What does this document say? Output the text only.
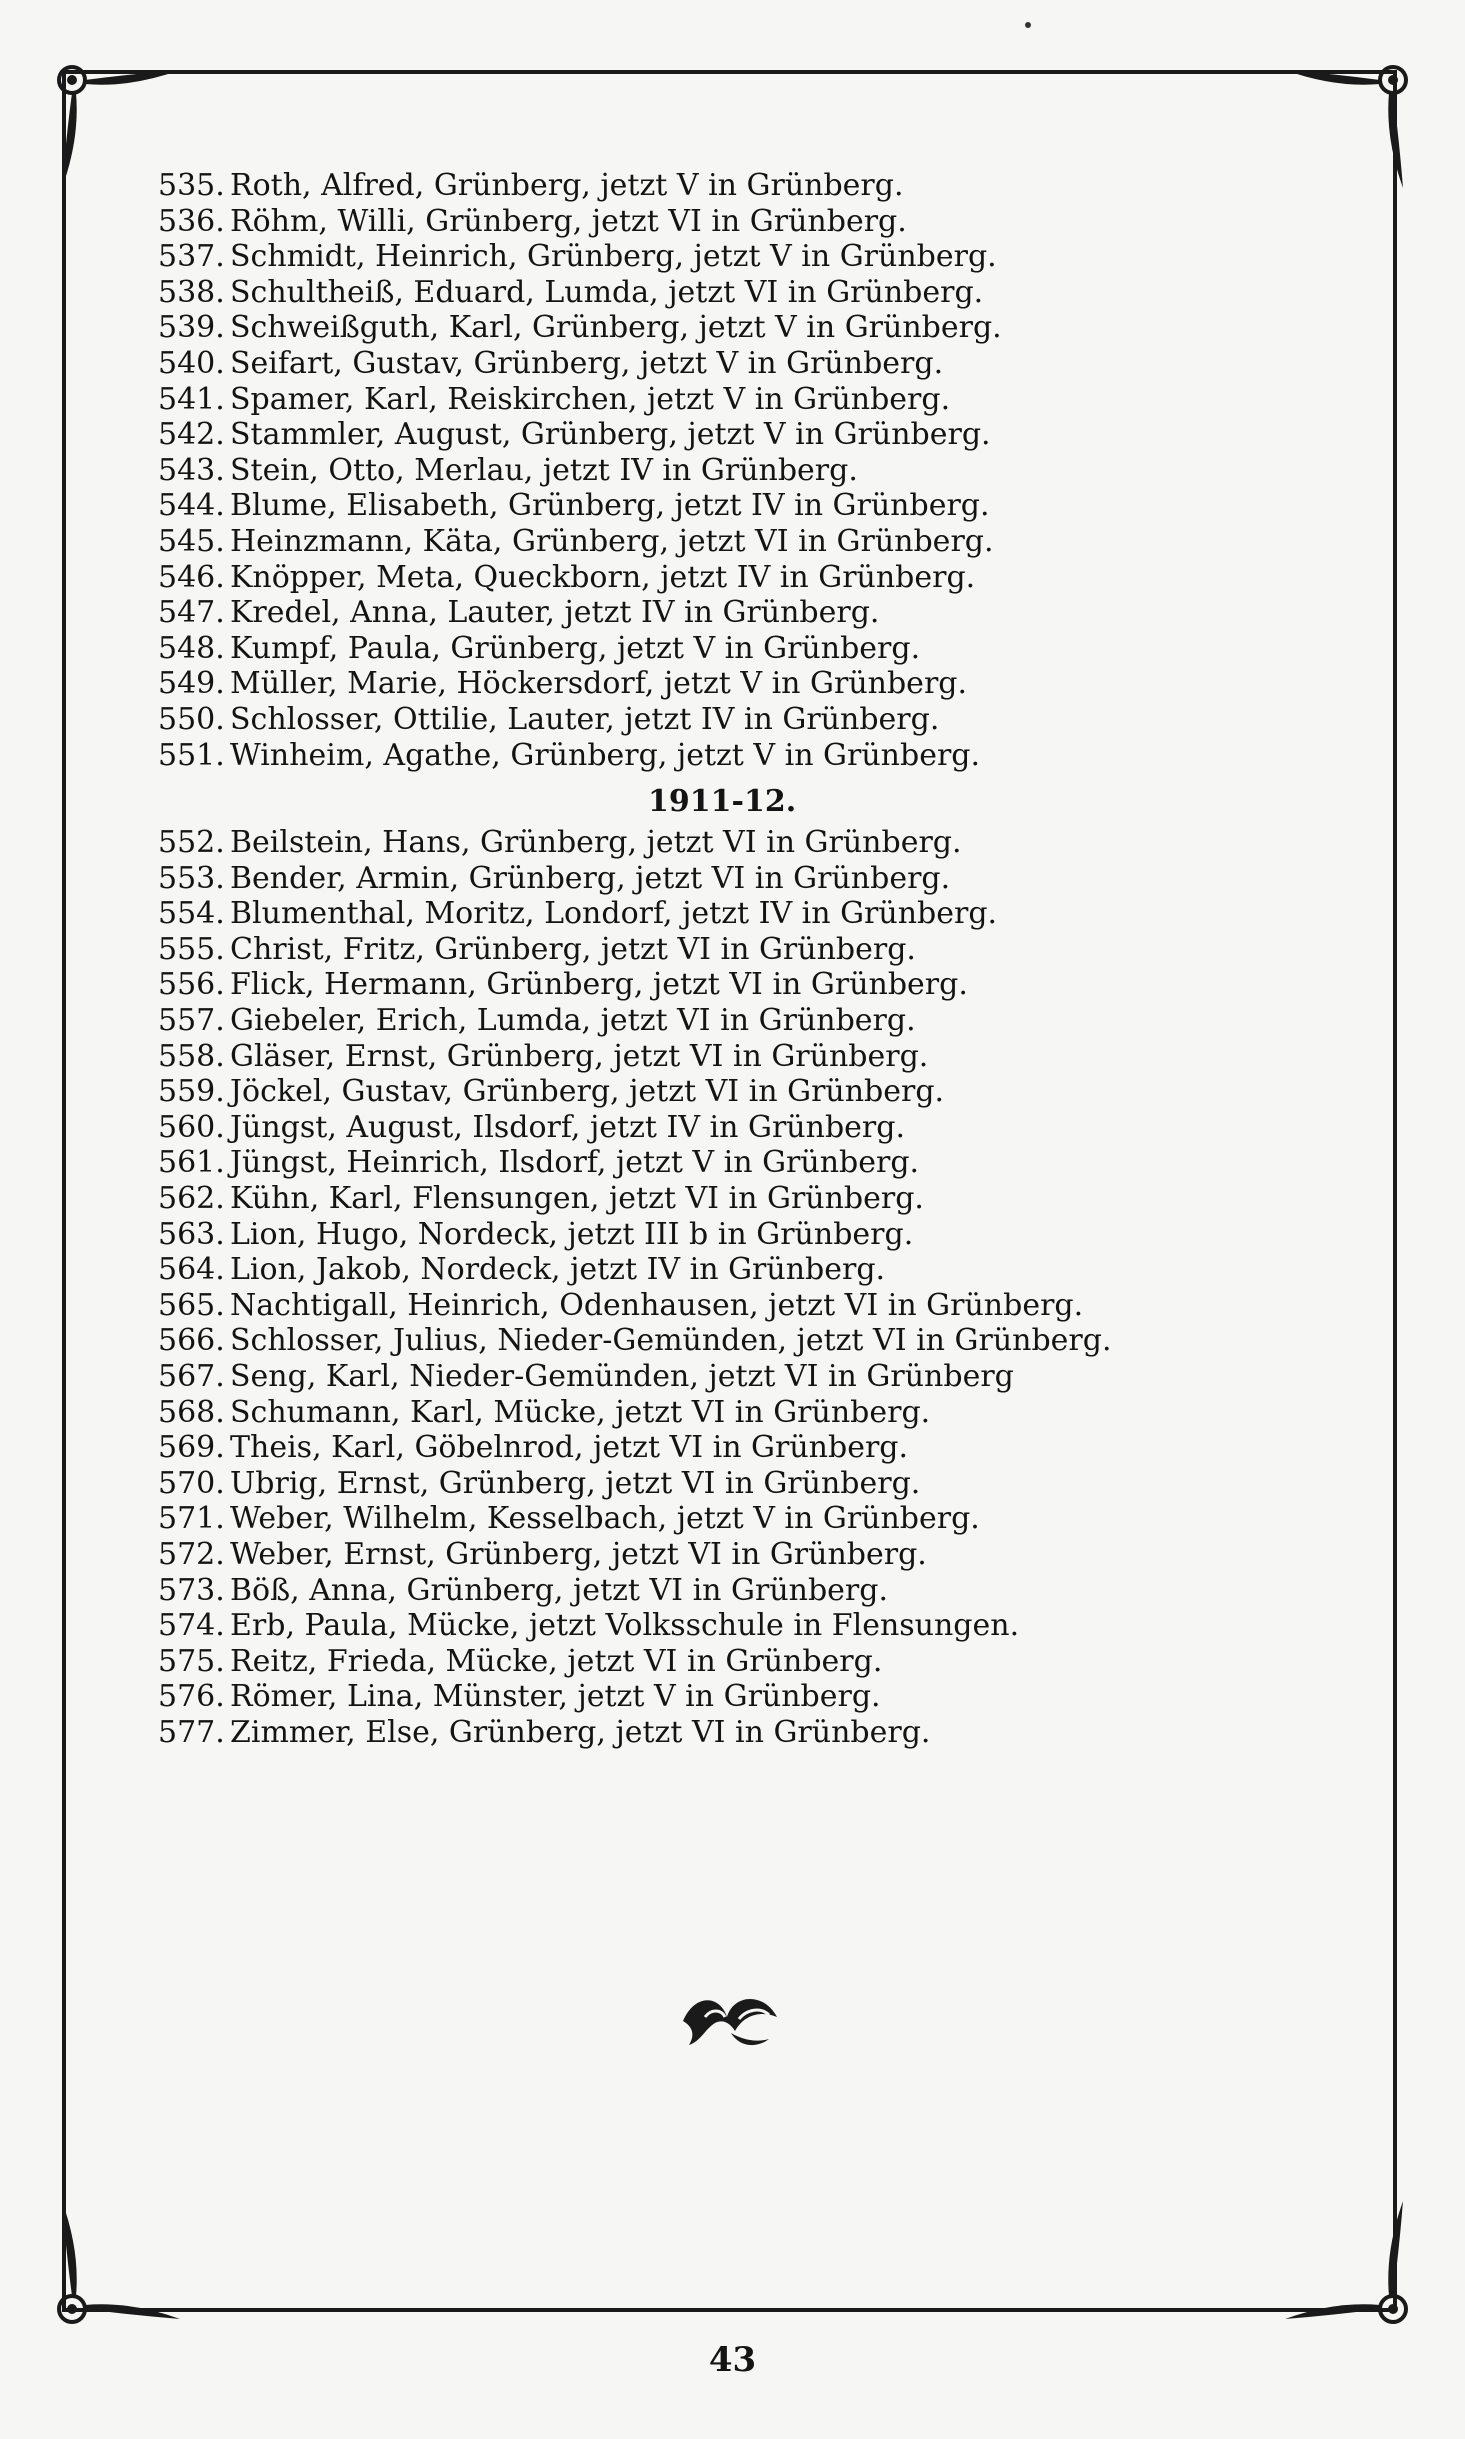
535. Roth, Alfred, Grünberg, jetzt V in Grünberg.
536. Röhm, Willi, Grünberg, jetzt VI in Grünberg.
537. Schmidt, Heinrich, Grünberg, jetzt V in Grünberg.
538. Schultheiß, Eduard, Lumda, jetzt VI in Grünberg.
539. Schweißguth, Karl, Grünberg, jetzt V in Grünberg.
540. Seifart, Gustav, Grünberg, jetzt V in Grünberg.
541. Spamer, Karl, Reiskirchen, jetzt V in Grünberg.
542. Stammler, August, Grünberg, jetzt V in Grünberg.
543. Stein, Otto, Merlau, jetzt IV in Grünberg.
544. Blume, Elisabeth, Grünberg, jetzt IV in Grünberg.
545. Heinzmann, Käta, Grünberg, jetzt VI in Grünberg.
546. Knöpper, Meta, Queckborn, jetzt IV in Grünberg.
547. Kredel, Anna, Lauter, jetzt IV in Grünberg.
548. Kumpf, Paula, Grünberg, jetzt V in Grünberg.
549. Müller, Marie, Höckersdorf, jetzt V in Grünberg.
550. Schlosser, Ottilie, Lauter, jetzt IV in Grünberg.
551. Winheim, Agathe, Grünberg, jetzt V in Grünberg.
1911-12.
552. Beilstein, Hans, Grünberg, jetzt VI in Grünberg.
553. Bender, Armin, Grünberg, jetzt VI in Grünberg.
554. Blumenthal, Moritz, Londorf, jetzt IV in Grünberg.
555. Christ, Fritz, Grünberg, jetzt VI in Grünberg.
556. Flick, Hermann, Grünberg, jetzt VI in Grünberg.
557. Giebeler, Erich, Lumda, jetzt VI in Grünberg.
558. Gläser, Ernst, Grünberg, jetzt VI in Grünberg.
559. Jöckel, Gustav, Grünberg, jetzt VI in Grünberg.
560. Jüngst, August, Ilsdorf, jetzt IV in Grünberg.
561. Jüngst, Heinrich, Ilsdorf, jetzt V in Grünberg.
562. Kühn, Karl, Flensungen, jetzt VI in Grünberg.
563. Lion, Hugo, Nordeck, jetzt III b in Grünberg.
564. Lion, Jakob, Nordeck, jetzt IV in Grünberg.
565. Nachtigall, Heinrich, Odenhausen, jetzt VI in Grünberg.
566. Schlosser, Julius, Nieder-Gemünden, jetzt VI in Grünberg.
567. Seng, Karl, Nieder-Gemünden, jetzt VI in Grünberg
568. Schumann, Karl, Mücke, jetzt VI in Grünberg.
569. Theis, Karl, Göbelnrod, jetzt VI in Grünberg.
570. Ubrig, Ernst, Grünberg, jetzt VI in Grünberg.
571. Weber, Wilhelm, Kesselbach, jetzt V in Grünberg.
572. Weber, Ernst, Grünberg, jetzt VI in Grünberg.
573. Böß, Anna, Grünberg, jetzt VI in Grünberg.
574. Erb, Paula, Mücke, jetzt Volksschule in Flensungen.
575. Reitz, Frieda, Mücke, jetzt VI in Grünberg.
576. Römer, Lina, Münster, jetzt V in Grünberg.
577. Zimmer, Else, Grünberg, jetzt VI in Grünberg.
43
